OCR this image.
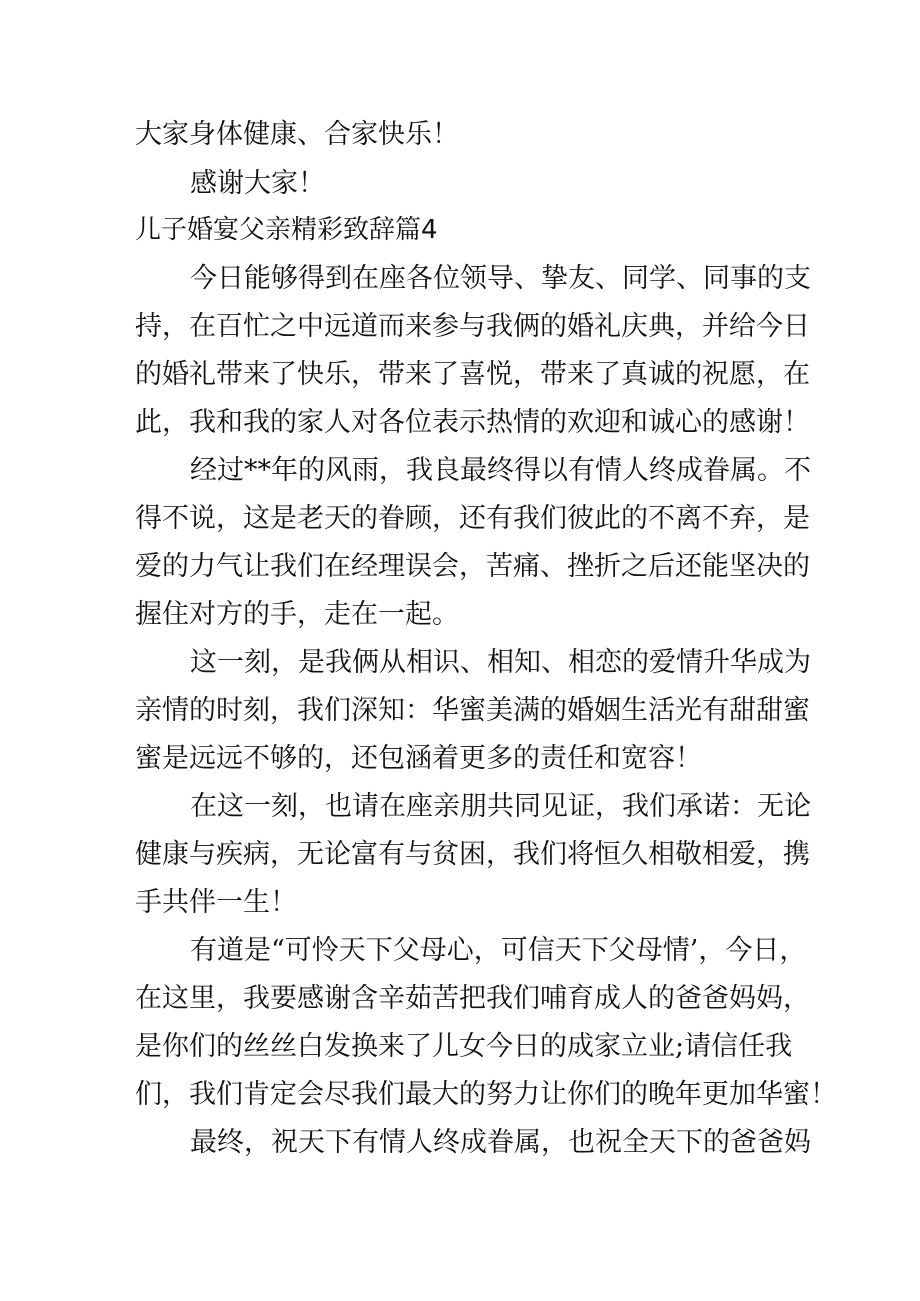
大家身体健康、合家快乐！
感谢大家！
儿子婚宴父亲精彩致辞篇4
今日能够得到在座各位领导、挚友、同学、同事的支
持，在百忙之中远道而来参与我俩的婚礼庆典，并给今日
的婚礼带来了快乐，带来了喜悦，带来了真诚的祝愿，在
此，我和我的家人对各位表示热情的欢迎和诚心的感谢！
经过**年的风雨，我良最终得以有情人终成眷属。不
得不说，这是老天的眷顾，还有我们彼此的不离不弃，是
爱的力气让我们在经理误会，苦痛、挫折之后还能坚决的
握住对方的手，走在一起。
这一刻，是我俩从相识、相知、相恋的爱情升华成为
亲情的时刻，我们深知：华蜜美满的婚姻生活光有甜甜蜜
蜜是远远不够的，还包涵着更多的责任和宽容！
在这一刻，也请在座亲朋共同见证，我们承诺：无论
健康与疾病，无论富有与贫困，我们将恒久相敬相爱，携
手共伴一生！
有道是“可怜天下父母心，可信天下父母情’，今日，
在这里，我要感谢含辛茹苦把我们哺育成人的爸爸妈妈，
是你们的丝丝白发换来了儿女今日的成家立业;请信任我
们，我们肯定会尽我们最大的努力让你们的晚年更加华蜜！
最终，祝天下有情人终成眷属，也祝全天下的爸爸妈
